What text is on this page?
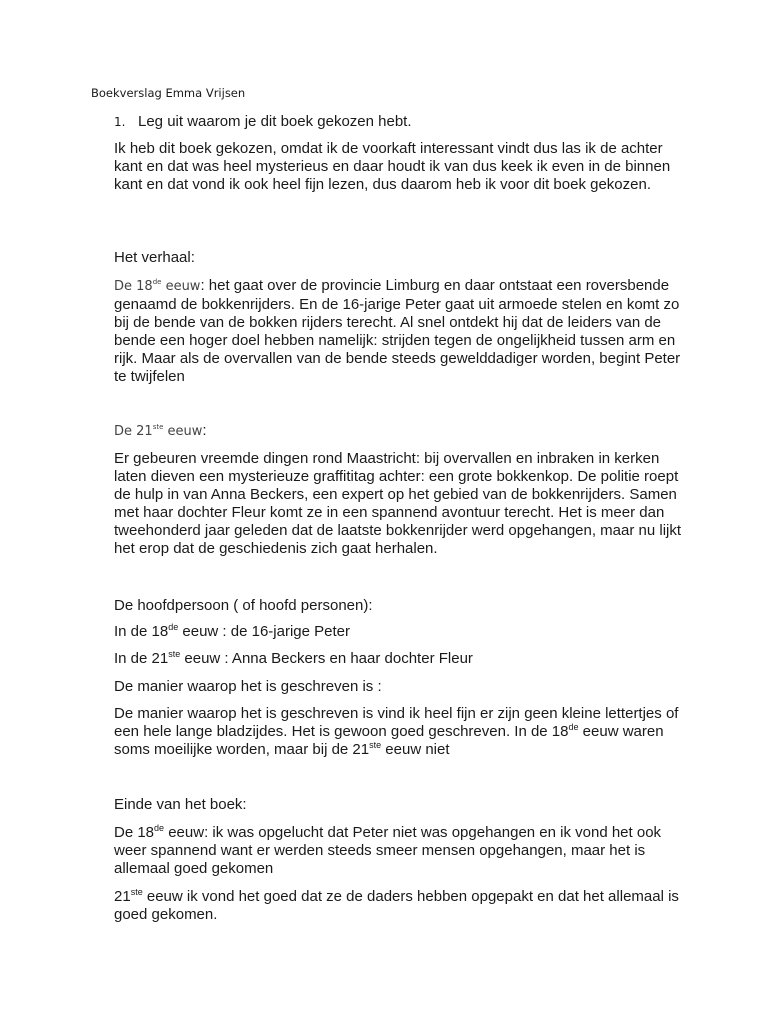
Boekverslag Emma Vrijsen
1. Leg uit waarom je dit boek gekozen hebt.
Ik heb dit boek gekozen, omdat ik de voorkaft interessant vindt dus las ik de achter kant en dat was heel mysterieus en daar houdt ik van dus keek ik even in de binnen kant en dat vond ik ook heel fijn lezen, dus daarom heb ik voor dit boek gekozen.
Het verhaal:
De 18de eeuw: het gaat over de provincie Limburg en daar ontstaat een roversbende genaamd de bokkenrijders. En de 16-jarige Peter gaat uit armoede stelen en komt zo bij de bende van de bokken rijders terecht. Al snel ontdekt hij dat de leiders van de bende een hoger doel hebben namelijk: strijden tegen de ongelijkheid tussen arm en rijk. Maar als de overvallen van de bende steeds gewelddadiger worden, begint Peter te twijfelen
De 21ste eeuw:
Er gebeuren vreemde dingen rond Maastricht: bij overvallen en inbraken in kerken laten dieven een mysterieuze graffititag achter: een grote bokkenkop. De politie roept de hulp in van Anna Beckers, een expert op het gebied van de bokkenrijders. Samen met haar dochter Fleur komt ze in een spannend avontuur terecht. Het is meer dan tweehonderd jaar geleden dat de laatste bokkenrijder werd opgehangen, maar nu lijkt het erop dat de geschiedenis zich gaat herhalen.
De hoofdpersoon ( of hoofd personen):
In de 18de eeuw : de 16-jarige Peter
In de 21ste eeuw : Anna Beckers en haar dochter Fleur
De manier waarop het is geschreven is :
De manier waarop het is geschreven is vind ik heel fijn er zijn geen kleine lettertjes of een hele lange bladzijdes. Het is gewoon goed geschreven. In de 18de eeuw waren soms moeilijke worden, maar bij de 21ste eeuw niet
Einde van het boek:
De 18de eeuw: ik was opgelucht dat Peter niet was opgehangen en ik vond het ook weer spannend want er werden steeds smeer mensen opgehangen, maar het is allemaal goed gekomen
21ste eeuw ik vond het goed dat ze de daders hebben opgepakt en dat het allemaal is goed gekomen.
